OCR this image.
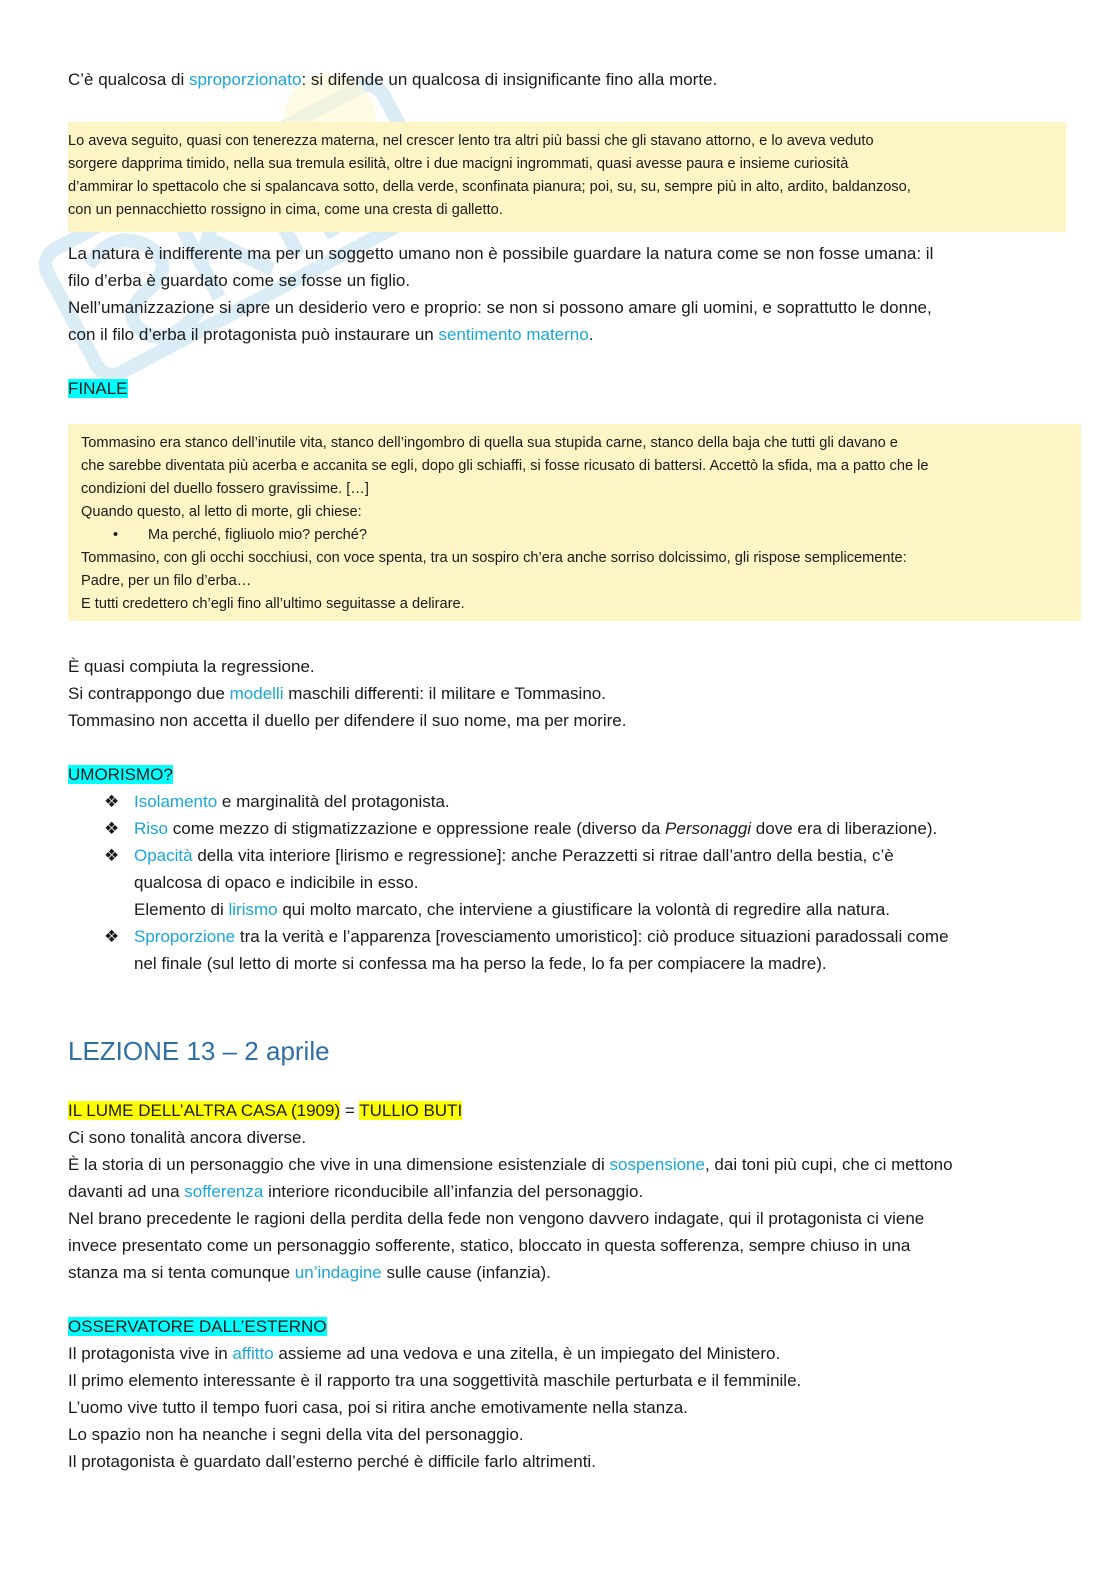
C’è qualcosa di sproporzionato: si difende un qualcosa di insignificante fino alla morte.
Lo aveva seguito, quasi con tenerezza materna, nel crescer lento tra altri più bassi che gli stavano attorno, e lo aveva veduto
sorgere dapprima timido, nella sua tremula esilità, oltre i due macigni ingrommati, quasi avesse paura e insieme curiosità
d’ammirar lo spettacolo che si spalancava sotto, della verde, sconfinata pianura; poi, su, su, sempre più in alto, ardito, baldanzoso,
con un pennacchietto rossigno in cima, come una cresta di galletto.
La natura è indifferente ma per un soggetto umano non è possibile guardare la natura come se non fosse umana: il
filo d’erba è guardato come se fosse un figlio.
Nell’umanizzazione si apre un desiderio vero e proprio: se non si possono amare gli uomini, e soprattutto le donne,
con il filo d’erba il protagonista può instaurare un sentimento materno.
FINALE
Tommasino era stanco dell’inutile vita, stanco dell’ingombro di quella sua stupida carne, stanco della baja che tutti gli davano e
che sarebbe diventata più acerba e accanita se egli, dopo gli schiaffi, si fosse ricusato di battersi. Accettò la sfida, ma a patto che le
condizioni del duello fossero gravissime. […]
Quando questo, al letto di morte, gli chiese:
• Ma perché, figliuolo mio? perché?
Tommasino, con gli occhi socchiusi, con voce spenta, tra un sospiro ch’era anche sorriso dolcissimo, gli rispose semplicemente:
Padre, per un filo d’erba…
E tutti credettero ch’egli fino all’ultimo seguitasse a delirare.
È quasi compiuta la regressione.
Si contrappongo due modelli maschili differenti: il militare e Tommasino.
Tommasino non accetta il duello per difendere il suo nome, ma per morire.
UMORISMO?
❖ Isolamento e marginalità del protagonista.
❖ Riso come mezzo di stigmatizzazione e oppressione reale (diverso da Personaggi dove era di liberazione).
❖ Opacità della vita interiore [lirismo e regressione]: anche Perazzetti si ritrae dall’antro della bestia, c’è
qualcosa di opaco e indicibile in esso.
Elemento di lirismo qui molto marcato, che interviene a giustificare la volontà di regredire alla natura.
❖ Sproporzione tra la verità e l’apparenza [rovesciamento umoristico]: ciò produce situazioni paradossali come
nel finale (sul letto di morte si confessa ma ha perso la fede, lo fa per compiacere la madre).
LEZIONE 13 – 2 aprile
IL LUME DELL’ALTRA CASA (1909) = TULLIO BUTI
Ci sono tonalità ancora diverse.
È la storia di un personaggio che vive in una dimensione esistenziale di sospensione, dai toni più cupi, che ci mettono
davanti ad una sofferenza interiore riconducibile all’infanzia del personaggio.
Nel brano precedente le ragioni della perdita della fede non vengono davvero indagate, qui il protagonista ci viene
invece presentato come un personaggio sofferente, statico, bloccato in questa sofferenza, sempre chiuso in una
stanza ma si tenta comunque un’indagine sulle cause (infanzia).
OSSERVATORE DALL’ESTERNO
Il protagonista vive in affitto assieme ad una vedova e una zitella, è un impiegato del Ministero.
Il primo elemento interessante è il rapporto tra una soggettività maschile perturbata e il femminile.
L’uomo vive tutto il tempo fuori casa, poi si ritira anche emotivamente nella stanza.
Lo spazio non ha neanche i segni della vita del personaggio.
Il protagonista è guardato dall’esterno perché è difficile farlo altrimenti.
